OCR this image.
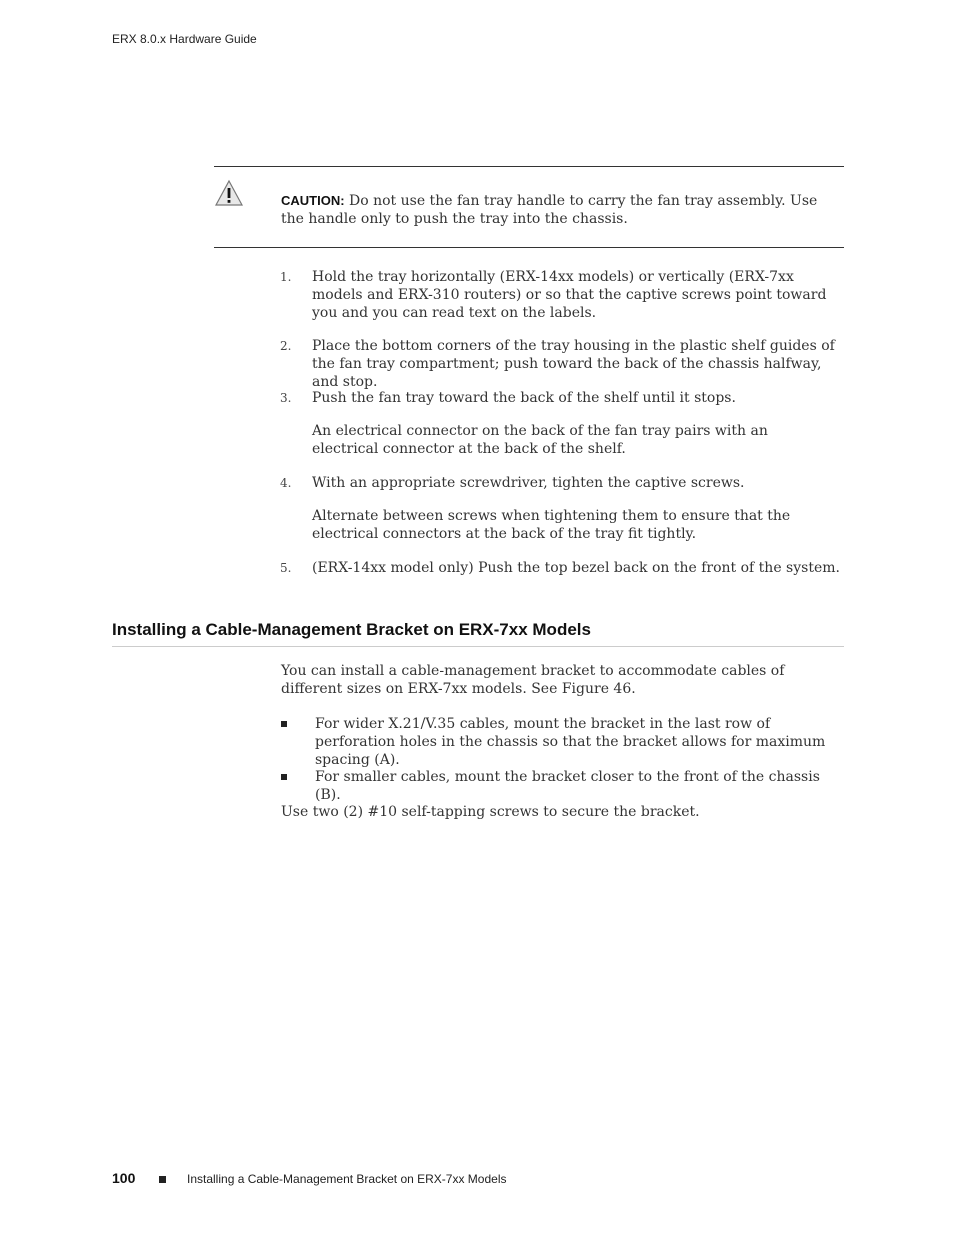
ERX 8.0.x Hardware Guide
CAUTION: Do not use the fan tray handle to carry the fan tray assembly. Use the handle only to push the tray into the chassis.
1. Hold the tray horizontally (ERX-14xx models) or vertically (ERX-7xx models and ERX-310 routers) or so that the captive screws point toward you and you can read text on the labels.
2. Place the bottom corners of the tray housing in the plastic shelf guides of the fan tray compartment; push toward the back of the chassis halfway, and stop.
3. Push the fan tray toward the back of the shelf until it stops.
An electrical connector on the back of the fan tray pairs with an electrical connector at the back of the shelf.
4. With an appropriate screwdriver, tighten the captive screws.
Alternate between screws when tightening them to ensure that the electrical connectors at the back of the tray fit tightly.
5. (ERX-14xx model only) Push the top bezel back on the front of the system.
Installing a Cable-Management Bracket on ERX-7xx Models
You can install a cable-management bracket to accommodate cables of different sizes on ERX-7xx models. See Figure 46.
For wider X.21/V.35 cables, mount the bracket in the last row of perforation holes in the chassis so that the bracket allows for maximum spacing (A).
For smaller cables, mount the bracket closer to the front of the chassis (B).
Use two (2) #10 self-tapping screws to secure the bracket.
100	Installing a Cable-Management Bracket on ERX-7xx Models
